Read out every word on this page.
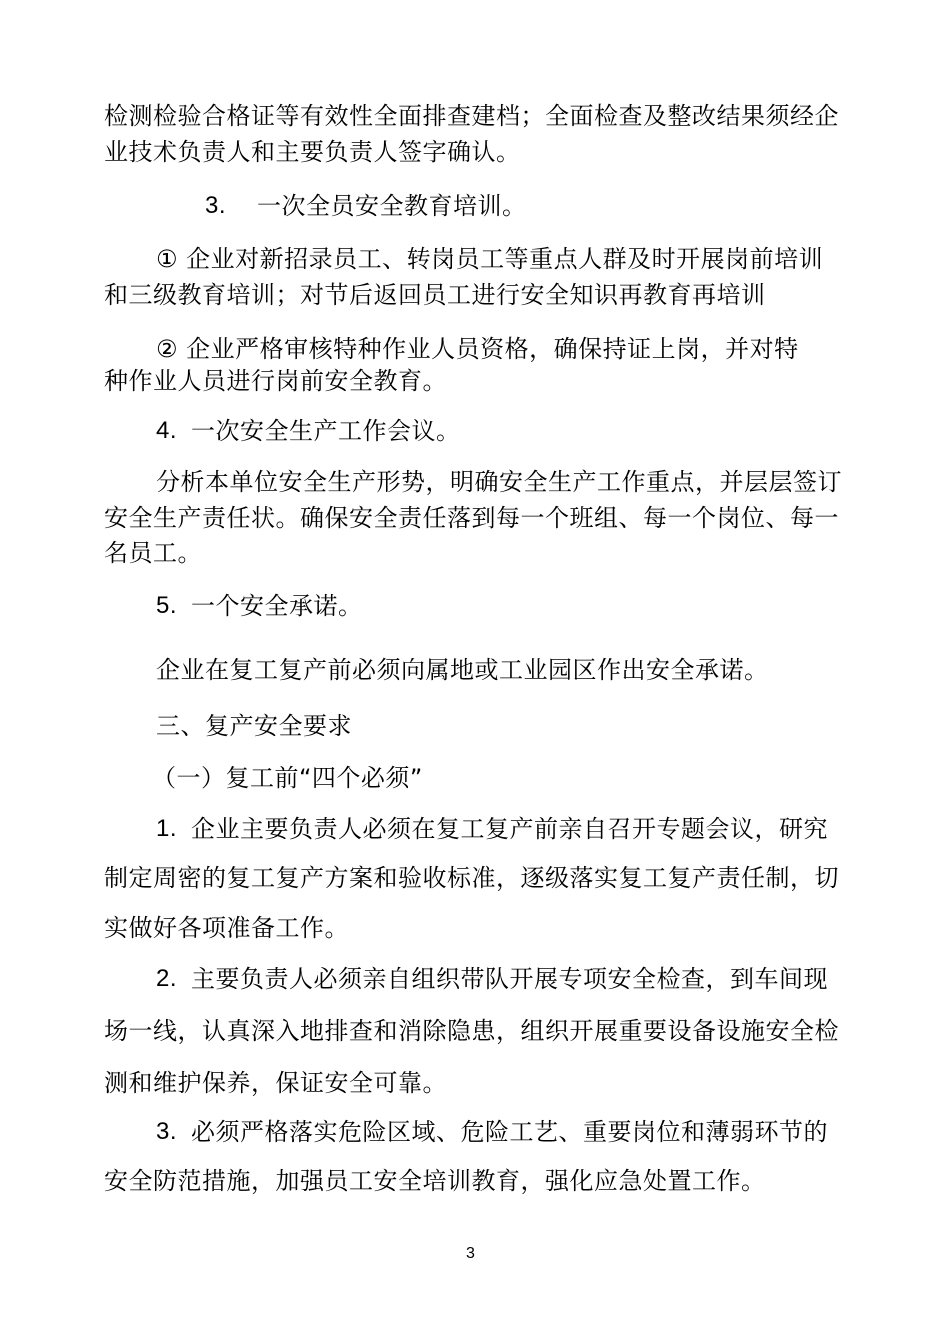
检测检验合格证等有效性全面排查建档；全面检查及整改结果须经企

业技术负责人和主要负责人签字确认。

3. 一次全员安全教育培训。

① 企业对新招录员工、转岗员工等重点人群及时开展岗前培训

和三级教育培训；对节后返回员工进行安全知识再教育再培训

② 企业严格审核特种作业人员资格，确保持证上岗，并对特

种作业人员进行岗前安全教育。

4. 一次安全生产工作会议。

分析本单位安全生产形势，明确安全生产工作重点，并层层签订

安全生产责任状。确保安全责任落到每一个班组、每一个岗位、每一

名员工。

5. 一个安全承诺。

企业在复工复产前必须向属地或工业园区作出安全承诺。

三、复产安全要求

（一）复工前“四个必须”

1. 企业主要负责人必须在复工复产前亲自召开专题会议，研究

制定周密的复工复产方案和验收标准，逐级落实复工复产责任制，切

实做好各项准备工作。

2. 主要负责人必须亲自组织带队开展专项安全检查，到车间现

场一线，认真深入地排查和消除隐患，组织开展重要设备设施安全检

测和维护保养，保证安全可靠。

3. 必须严格落实危险区域、危险工艺、重要岗位和薄弱环节的

安全防范措施，加强员工安全培训教育，强化应急处置工作。

3
